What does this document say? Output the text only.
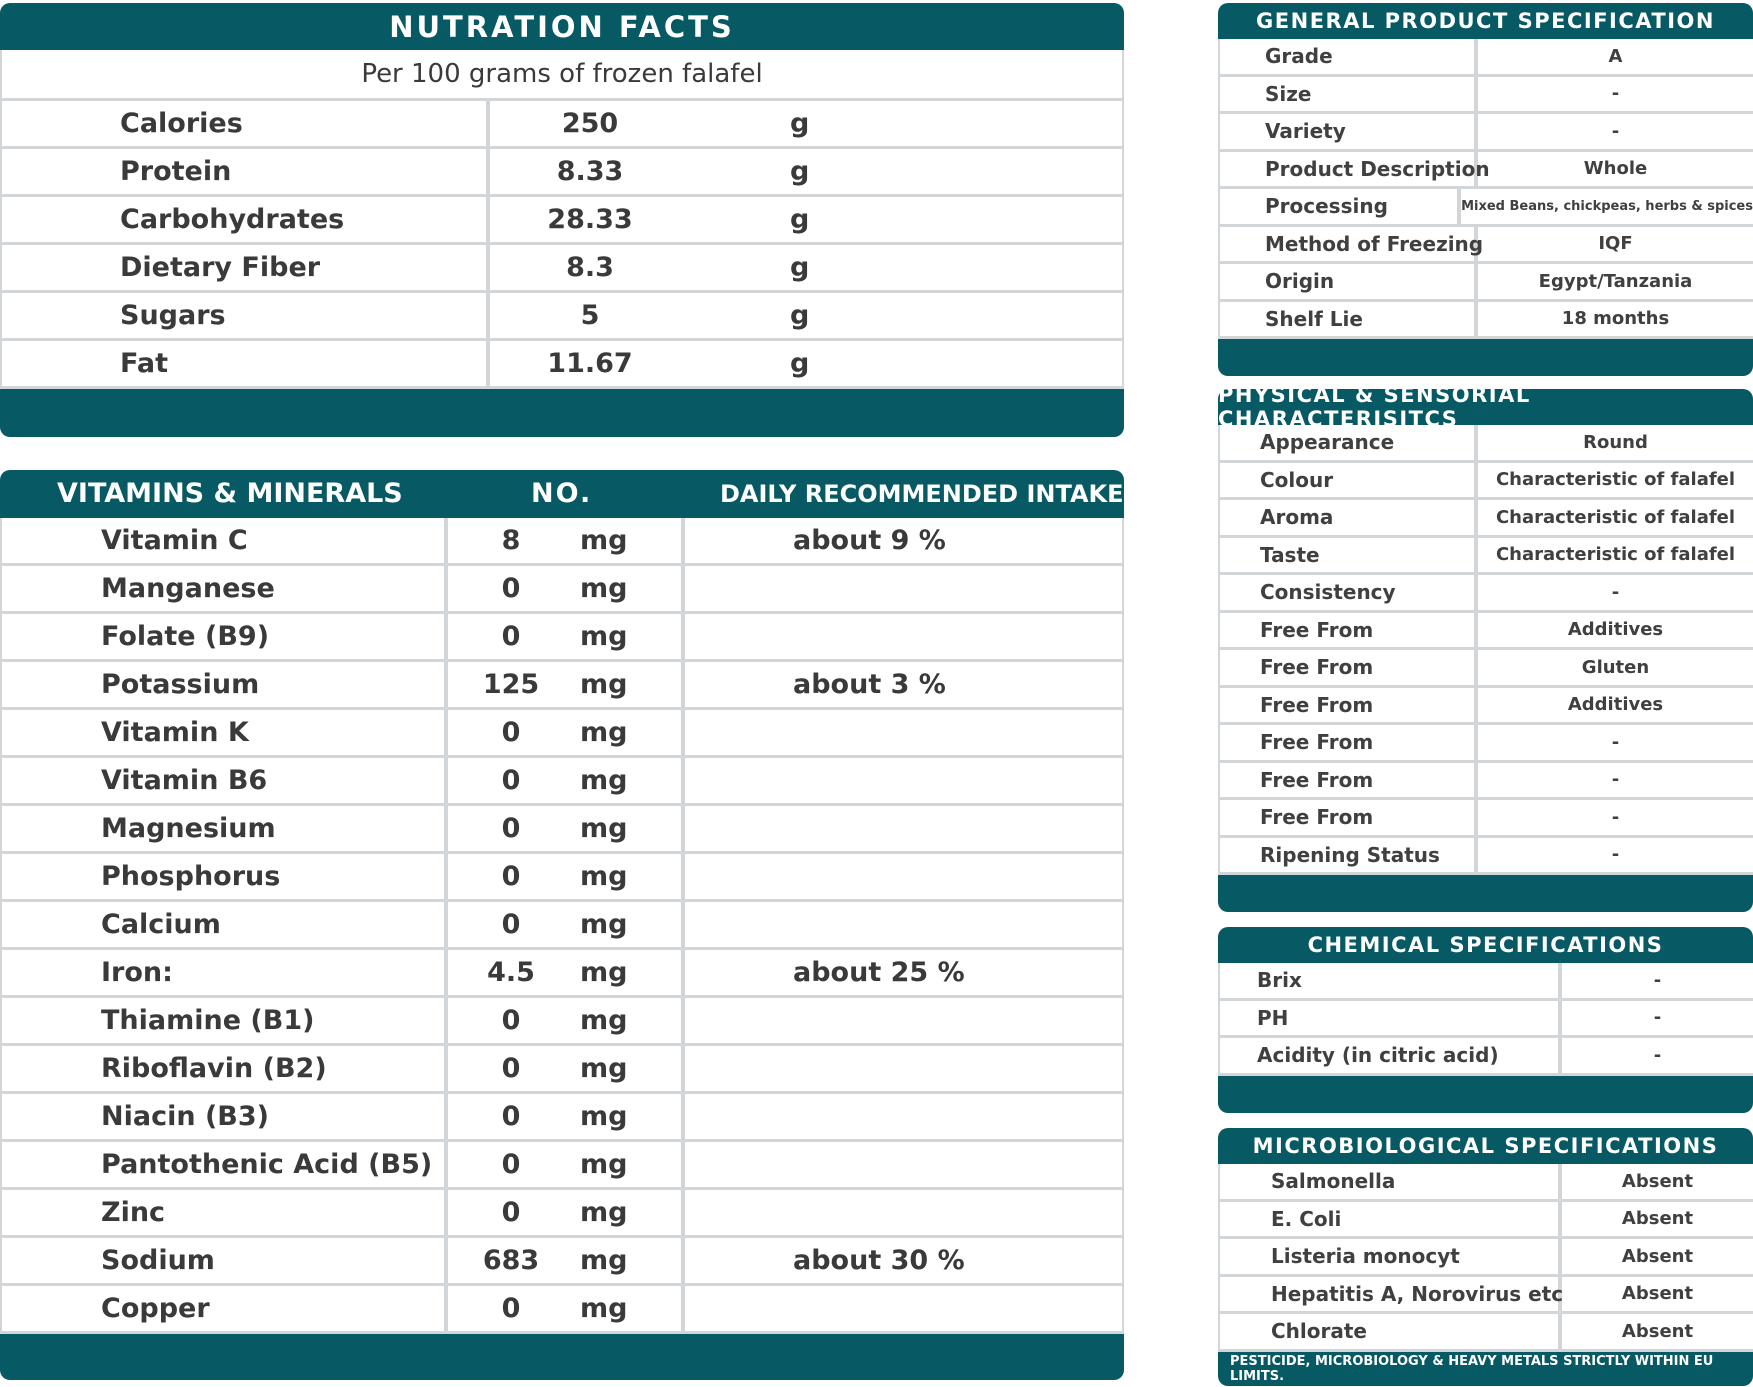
NUTRATION FACTS
Per 100 grams of frozen falafel
Calories	250	g
Protein	8.33	g
Carbohydrates	28.33	g
Dietary Fiber	8.3	g
Sugars	5	g
Fat	11.67	g
VITAMINS & MINERALS	NO.	DAILY RECOMMENDED INTAKE
Vitamin C	8	mg	about 9 %
Manganese	0	mg
Folate (B9)	0	mg
Potassium	125	mg	about 3 %
Vitamin K	0	mg
Vitamin B6	0	mg
Magnesium	0	mg
Phosphorus	0	mg
Calcium	0	mg
Iron:	4.5	mg	about 25 %
Thiamine (B1)	0	mg
Riboflavin (B2)	0	mg
Niacin (B3)	0	mg
Pantothenic Acid (B5)	0	mg
Zinc	0	mg
Sodium	683	mg	about 30 %
Copper	0	mg
GENERAL PRODUCT SPECIFICATION
Grade	A
Size	-
Variety	-
Product Description	Whole
Processing	Mixed Beans, chickpeas, herbs & spices
Method of Freezing	IQF
Origin	Egypt/Tanzania
Shelf Lie	18 months
PHYSICAL & SENSORIAL CHARACTERISITCS
Appearance	Round
Colour	Characteristic of falafel
Aroma	Characteristic of falafel
Taste	Characteristic of falafel
Consistency	-
Free From	Additives
Free From	Gluten
Free From	Additives
Free From	-
Free From	-
Free From	-
Ripening Status	-
CHEMICAL SPECIFICATIONS
Brix	-
PH	-
Acidity (in citric acid)	-
MICROBIOLOGICAL SPECIFICATIONS
Salmonella	Absent
E. Coli	Absent
Listeria monocyt	Absent
Hepatitis A, Norovirus etc	Absent
Chlorate	Absent
PESTICIDE, MICROBIOLOGY & HEAVY METALS STRICTLY WITHIN EU LIMITS.
